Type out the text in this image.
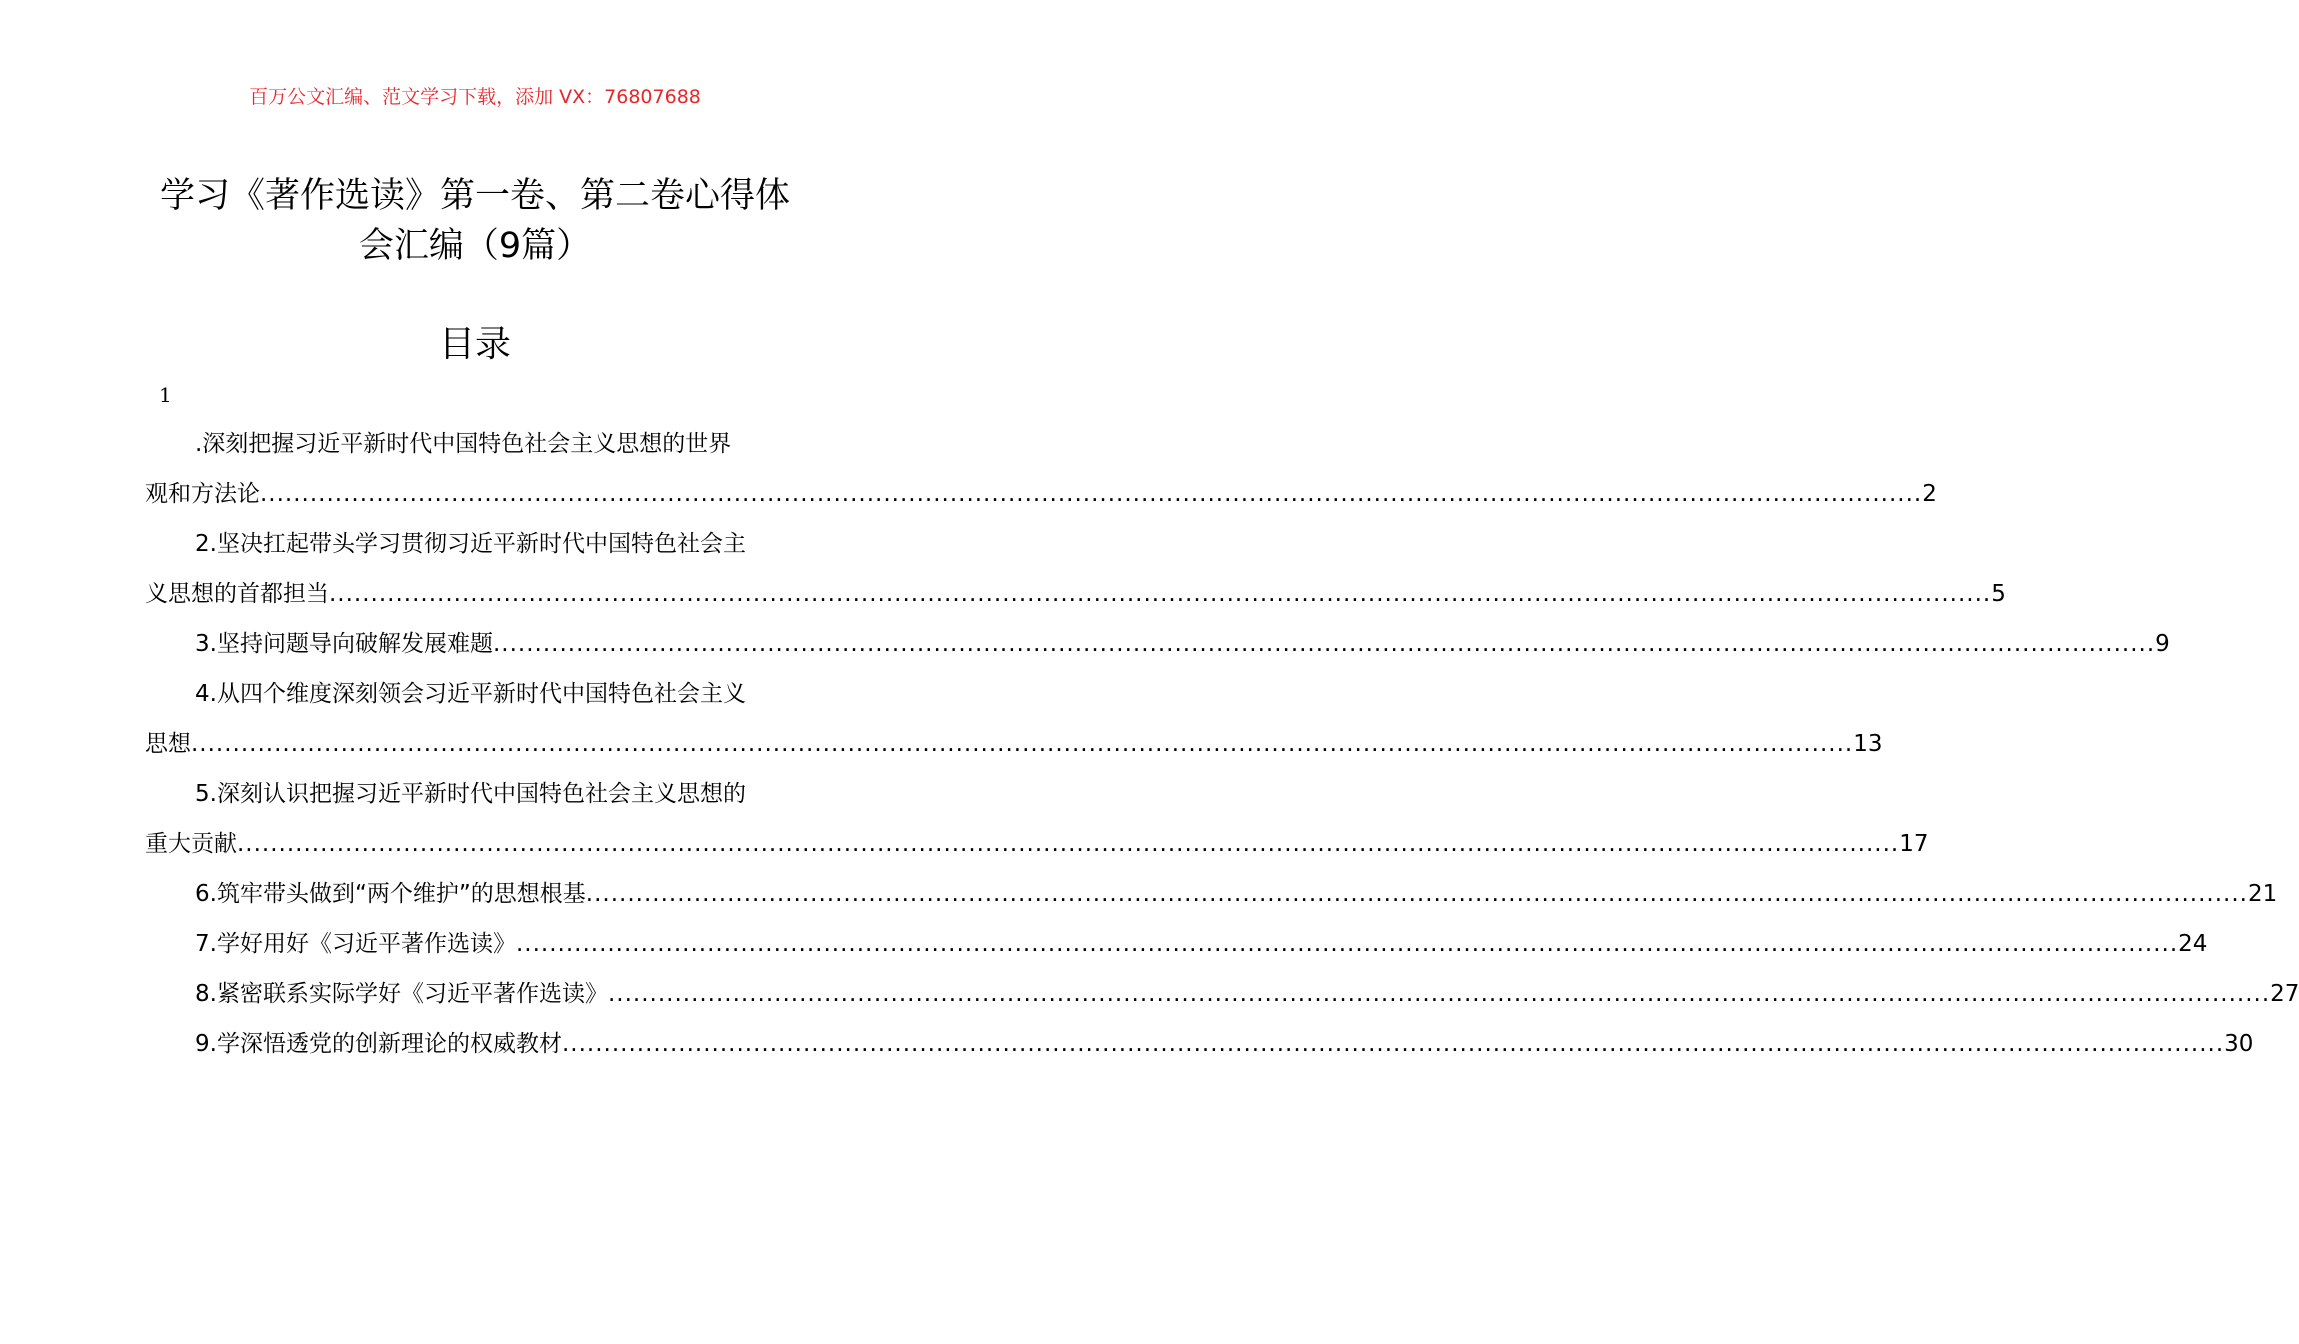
百万公文汇编、范文学习下载，添加 VX：76807688
学习《著作选读》第一卷、第二卷心得体
会汇编（9篇）
目录
1
.深刻把握习近平新时代中国特色社会主义思想的世界
观和方法论 ........................................................................................................................................................................................................ 2
2.坚决扛起带头学习贯彻习近平新时代中国特色社会主
义思想的首都担当 ........................................................................................................................................................................................................ 5
3.坚持问题导向破解发展难题 ........................................................................................................................................................................................................ 9
4.从四个维度深刻领会习近平新时代中国特色社会主义
思想 ........................................................................................................................................................................................................ 13
5.深刻认识把握习近平新时代中国特色社会主义思想的
重大贡献 ........................................................................................................................................................................................................ 17
6.筑牢带头做到“两个维护”的思想根基 ........................................................................................................................................................................................................ 21
7.学好用好《习近平著作选读》 ........................................................................................................................................................................................................ 24
8.紧密联系实际学好《习近平著作选读》 ........................................................................................................................................................................................................ 27
9.学深悟透党的创新理论的权威教材 ........................................................................................................................................................................................................ 30
